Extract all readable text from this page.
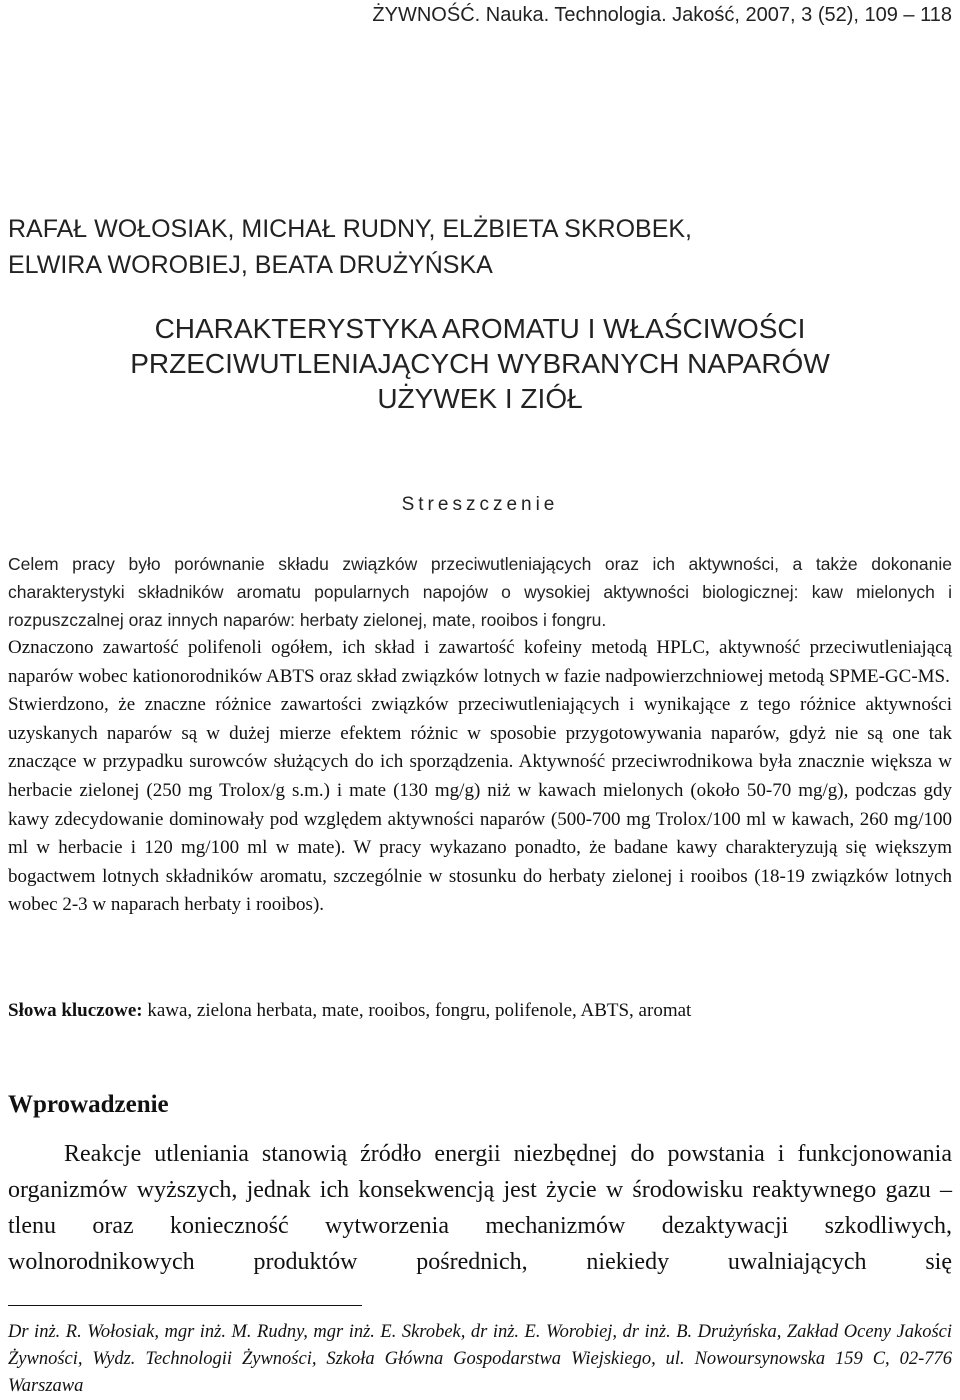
ŻYWNOŚĆ. Nauka. Technologia. Jakość, 2007, 3 (52), 109 – 118
RAFAŁ WOŁOSIAK, MICHAŁ RUDNY, ELŻBIETA SKROBEK,
ELWIRA WOROBIEJ, BEATA DRUŻYŃSKA
CHARAKTERYSTYKA AROMATU I WŁAŚCIWOŚCI
PRZECIWUTLENIAJĄCYCH WYBRANYCH NAPARÓW
UŻYWEK I ZIÓŁ
Streszczenie

Celem pracy było porównanie składu związków przeciwutleniających oraz ich aktywności, a także dokonanie charakterystyki składników aromatu popularnych napojów o wysokiej aktywności biologicznej: kaw mielonych i rozpuszczalnej oraz innych naparów: herbaty zielonej, mate, rooibos i fongru.

Oznaczono zawartość polifenoli ogółem, ich skład i zawartość kofeiny metodą HPLC, aktywność przeciwutleniającą naparów wobec kationorodników ABTS oraz skład związków lotnych w fazie nadpowierzchniowej metodą SPME-GC-MS.

Stwierdzono, że znaczne różnice zawartości związków przeciwutleniających i wynikające z tego różnice aktywności uzyskanych naparów są w dużej mierze efektem różnic w sposobie przygotowywania naparów, gdyż nie są one tak znaczące w przypadku surowców służących do ich sporządzenia. Aktywność przeciwrodnikowa była znacznie większa w herbacie zielonej (250 mg Trolox/g s.m.) i mate (130 mg/g) niż w kawach mielonych (około 50-70 mg/g), podczas gdy kawy zdecydowanie dominowały pod względem aktywności naparów (500-700 mg Trolox/100 ml w kawach, 260 mg/100 ml w herbacie i 120 mg/100 ml w mate). W pracy wykazano ponadto, że badane kawy charakteryzują się większym bogactwem lotnych składników aromatu, szczególnie w stosunku do herbaty zielonej i rooibos (18-19 związków lotnych wobec 2-3 w naparach herbaty i rooibos).

Słowa kluczowe: kawa, zielona herbata, mate, rooibos, fongru, polifenole, ABTS, aromat
Wprowadzenie

Reakcje utleniania stanowią źródło energii niezbędnej do powstania i funkcjonowania organizmów wyższych, jednak ich konsekwencją jest życie w środowisku reaktywnego gazu – tlenu oraz konieczność wytworzenia mechanizmów dezaktywacji szkodliwych, wolnorodnikowych produktów pośrednich, niekiedy uwalniających się

Dr inż. R. Wołosiak, mgr inż. M. Rudny, mgr inż. E. Skrobek, dr inż. E. Worobiej, dr inż. B. Drużyńska, Zakład Oceny Jakości Żywności, Wydz. Technologii Żywności, Szkoła Główna Gospodarstwa Wiejskiego, ul. Nowoursynowska 159 C, 02-776 Warszawa
